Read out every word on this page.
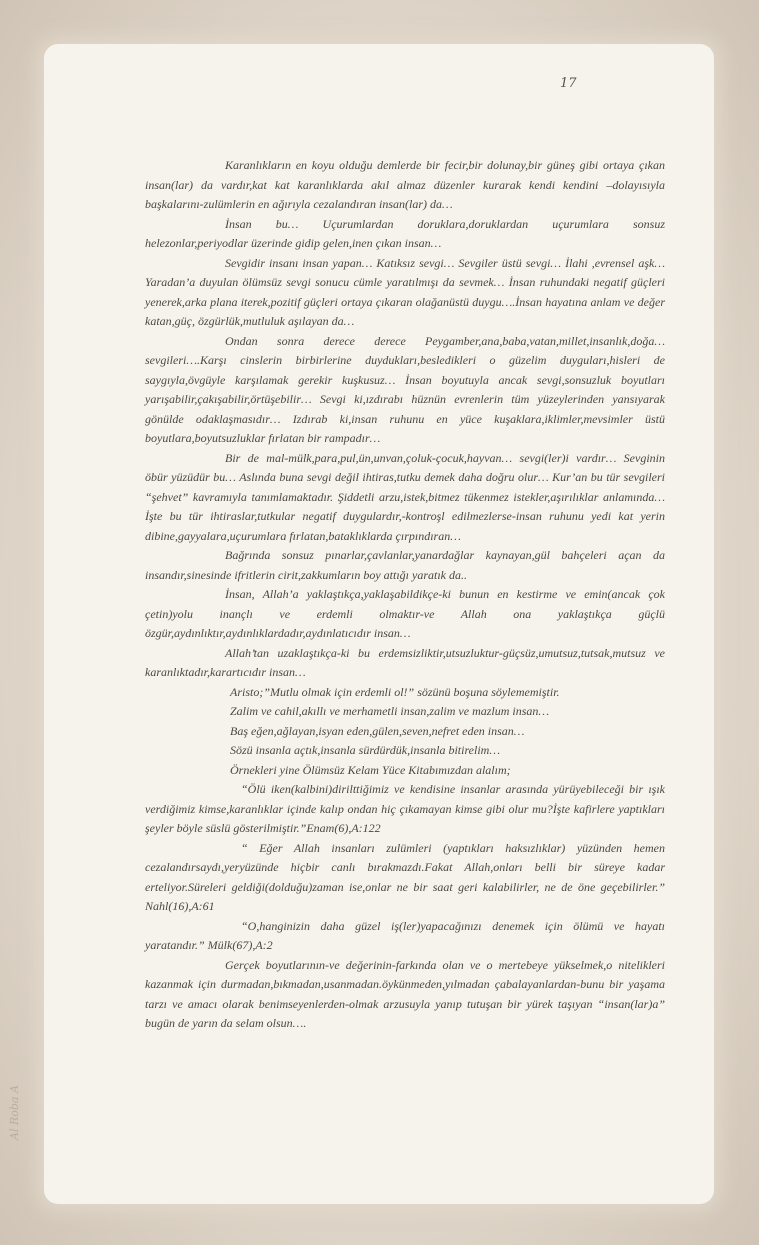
17
Al Roba A

Karanlıkların en koyu olduğu demlerde bir fecir,bir dolunay,bir güneş gibi ortaya çıkan insan(lar) da vardır,kat kat karanlıklarda akıl almaz düzenler kurarak kendi kendini –dolayısıyla başkalarını-zulümlerin en ağırıyla cezalandıran insan(lar) da…

İnsan bu… Uçurumlardan doruklara,doruklardan uçurumlara sonsuz helezonlar,periyodlar üzerinde gidip gelen,inen çıkan insan…

Sevgidir insanı insan yapan… Katıksız sevgi… Sevgiler üstü sevgi… İlahi ,evrensel aşk… Yaradan’a duyulan ölümsüz sevgi sonucu cümle yaratılmışı da sevmek… İnsan ruhundaki negatif güçleri yenerek,arka plana iterek,pozitif güçleri ortaya çıkaran olağanüstü duygu….İnsan hayatına anlam ve değer katan,güç, özgürlük,mutluluk aşılayan da…

Ondan sonra derece derece Peygamber,ana,baba,vatan,millet,insanlık,doğa… sevgileri….Karşı cinslerin birbirlerine duydukları,besledikleri o güzelim duyguları,hisleri de saygıyla,övgüyle karşılamak gerekir kuşkusuz… İnsan boyutuyla ancak sevgi,sonsuzluk boyutları yarışabilir,çakışabilir,örtüşebilir… Sevgi ki,ızdırabı hüznün evrenlerin tüm yüzeylerinden yansıyarak gönülde odaklaşmasıdır… Izdırab ki,insan ruhunu en yüce kuşaklara,iklimler,mevsimler üstü boyutlara,boyutsuzluklar fırlatan bir rampadır…

Bir de mal-mülk,para,pul,ün,unvan,çoluk-çocuk,hayvan… sevgi(ler)i vardır… Sevginin öbür yüzüdür bu… Aslında buna sevgi değil ihtiras,tutku demek daha doğru olur… Kur’an bu tür sevgileri “şehvet” kavramıyla tanımlamaktadır. Şiddetli arzu,istek,bitmez tükenmez istekler,aşırılıklar anlamında…İşte bu tür ihtiraslar,tutkular negatif duygulardır,-kontroşl edilmezlerse-insan ruhunu yedi kat yerin dibine,gayyalara,uçurumlara fırlatan,bataklıklarda çırpındıran…

Bağrında sonsuz pınarlar,çavlanlar,yanardağlar kaynayan,gül bahçeleri açan da insandır,sinesinde ifritlerin cirit,zakkumların boy attığı yaratık da..

İnsan, Allah’a yaklaştıkça,yaklaşabildikçe-ki bunun en kestirme ve emin(ancak çok çetin)yolu inançlı ve erdemli olmaktır-ve Allah ona yaklaştıkça güçlü özgür,aydınlıktır,aydınlıklardadır,aydınlatıcıdır insan…

Allah’tan uzaklaştıkça-ki bu erdemsizliktir,utsuzluktur-güçsüz,umutsuz,tutsak,mutsuz ve karanlıktadır,karartıcıdır insan…

Aristo;”Mutlu olmak için erdemli ol!” sözünü boşuna söylememiştir.

Zalim ve cahil,akıllı ve merhametli insan,zalim ve mazlum insan…

Baş eğen,ağlayan,isyan eden,gülen,seven,nefret eden insan…

Sözü insanla açtık,insanla sürdürdük,insanla bitirelim…

Örnekleri yine Ölümsüz Kelam Yüce Kitabımızdan alalım;

“Ölü iken(kalbini)dirilttiğimiz ve kendisine insanlar arasında yürüyebileceği bir ışık verdiğimiz kimse,karanlıklar içinde kalıp ondan hiç çıkamayan kimse gibi olur mu?İşte kafirlere yaptıkları şeyler böyle süslü gösterilmiştir.”Enam(6),A:122

“ Eğer Allah insanları zulümleri (yaptıkları haksızlıklar) yüzünden hemen cezalandırsaydı,yeryüzünde hiçbir canlı bırakmazdı.Fakat Allah,onları belli bir süreye kadar erteliyor.Süreleri geldiği(dolduğu)zaman ise,onlar ne bir saat geri kalabilirler, ne de öne geçebilirler.” Nahl(16),A:61

“O,hanginizin daha güzel iş(ler)yapacağınızı denemek için ölümü ve hayatı yaratandır.” Mülk(67),A:2

Gerçek boyutlarının-ve değerinin-farkında olan ve o mertebeye yükselmek,o nitelikleri kazanmak için durmadan,bıkmadan,usanmadan.öykünmeden,yılmadan çabalayanlardan-bunu bir yaşama tarzı ve amacı olarak benimseyenlerden-olmak arzusuyla yanıp tutuşan bir yürek taşıyan “insan(lar)a” bugün de yarın da selam olsun….
